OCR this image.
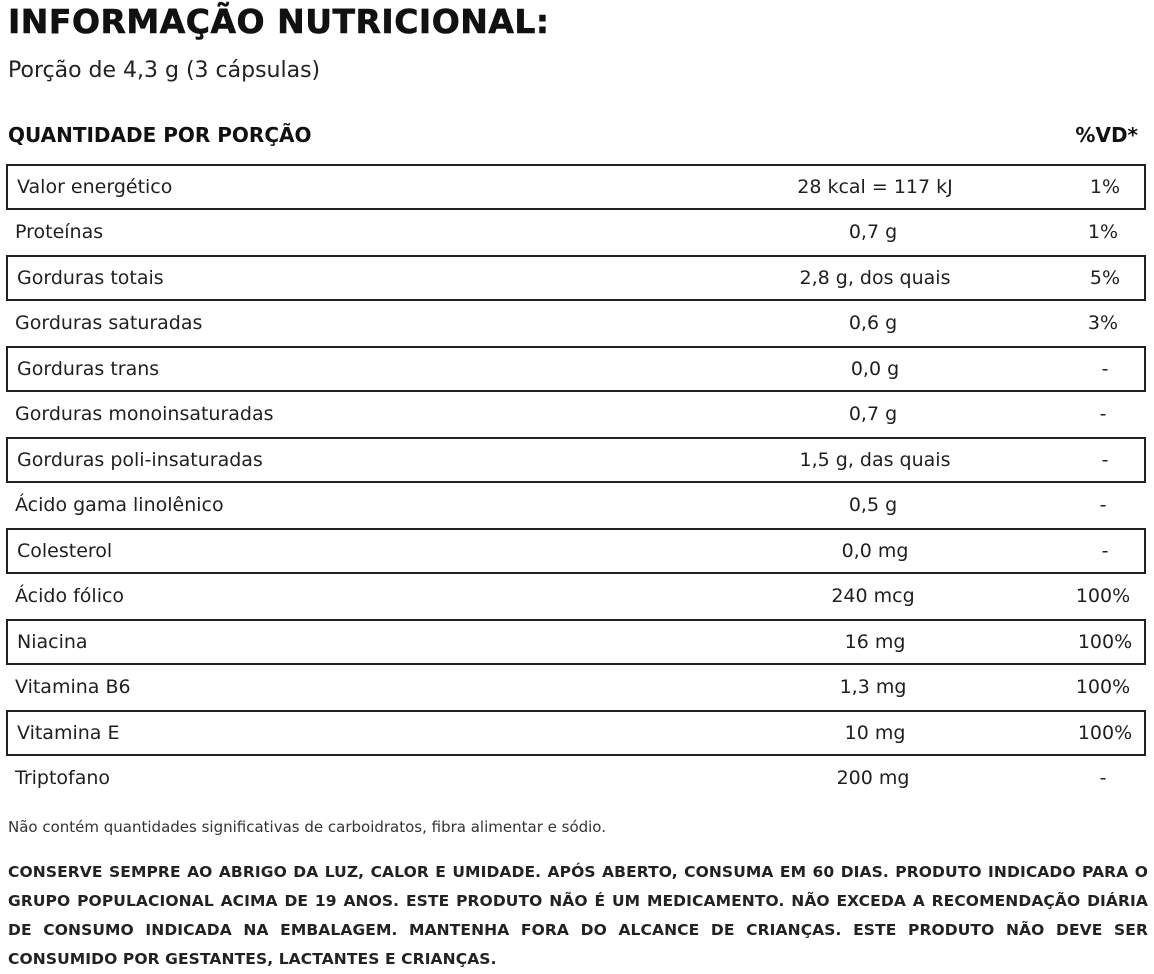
INFORMAÇÃO NUTRICIONAL:
Porção de 4,3 g (3 cápsulas)
QUANTIDADE POR PORÇÃO	%VD*
Valor energético	28 kcal = 117 kJ	1%
Proteínas	0,7 g	1%
Gorduras totais	2,8 g, dos quais	5%
Gorduras saturadas	0,6 g	3%
Gorduras trans	0,0 g	-
Gorduras monoinsaturadas	0,7 g	-
Gorduras poli-insaturadas	1,5 g, das quais	-
Ácido gama linolênico	0,5 g	-
Colesterol	0,0 mg	-
Ácido fólico	240 mcg	100%
Niacina	16 mg	100%
Vitamina B6	1,3 mg	100%
Vitamina E	10 mg	100%
Triptofano	200 mg	-
Não contém quantidades significativas de carboidratos, fibra alimentar e sódio.
CONSERVE SEMPRE AO ABRIGO DA LUZ, CALOR E UMIDADE. APÓS ABERTO, CONSUMA EM 60 DIAS. PRODUTO INDICADO PARA O GRUPO POPULACIONAL ACIMA DE 19 ANOS. ESTE PRODUTO NÃO É UM MEDICAMENTO. NÃO EXCEDA A RECOMENDAÇÃO DIÁRIA DE CONSUMO INDICADA NA EMBALAGEM. MANTENHA FORA DO ALCANCE DE CRIANÇAS. ESTE PRODUTO NÃO DEVE SER CONSUMIDO POR GESTANTES, LACTANTES E CRIANÇAS.
